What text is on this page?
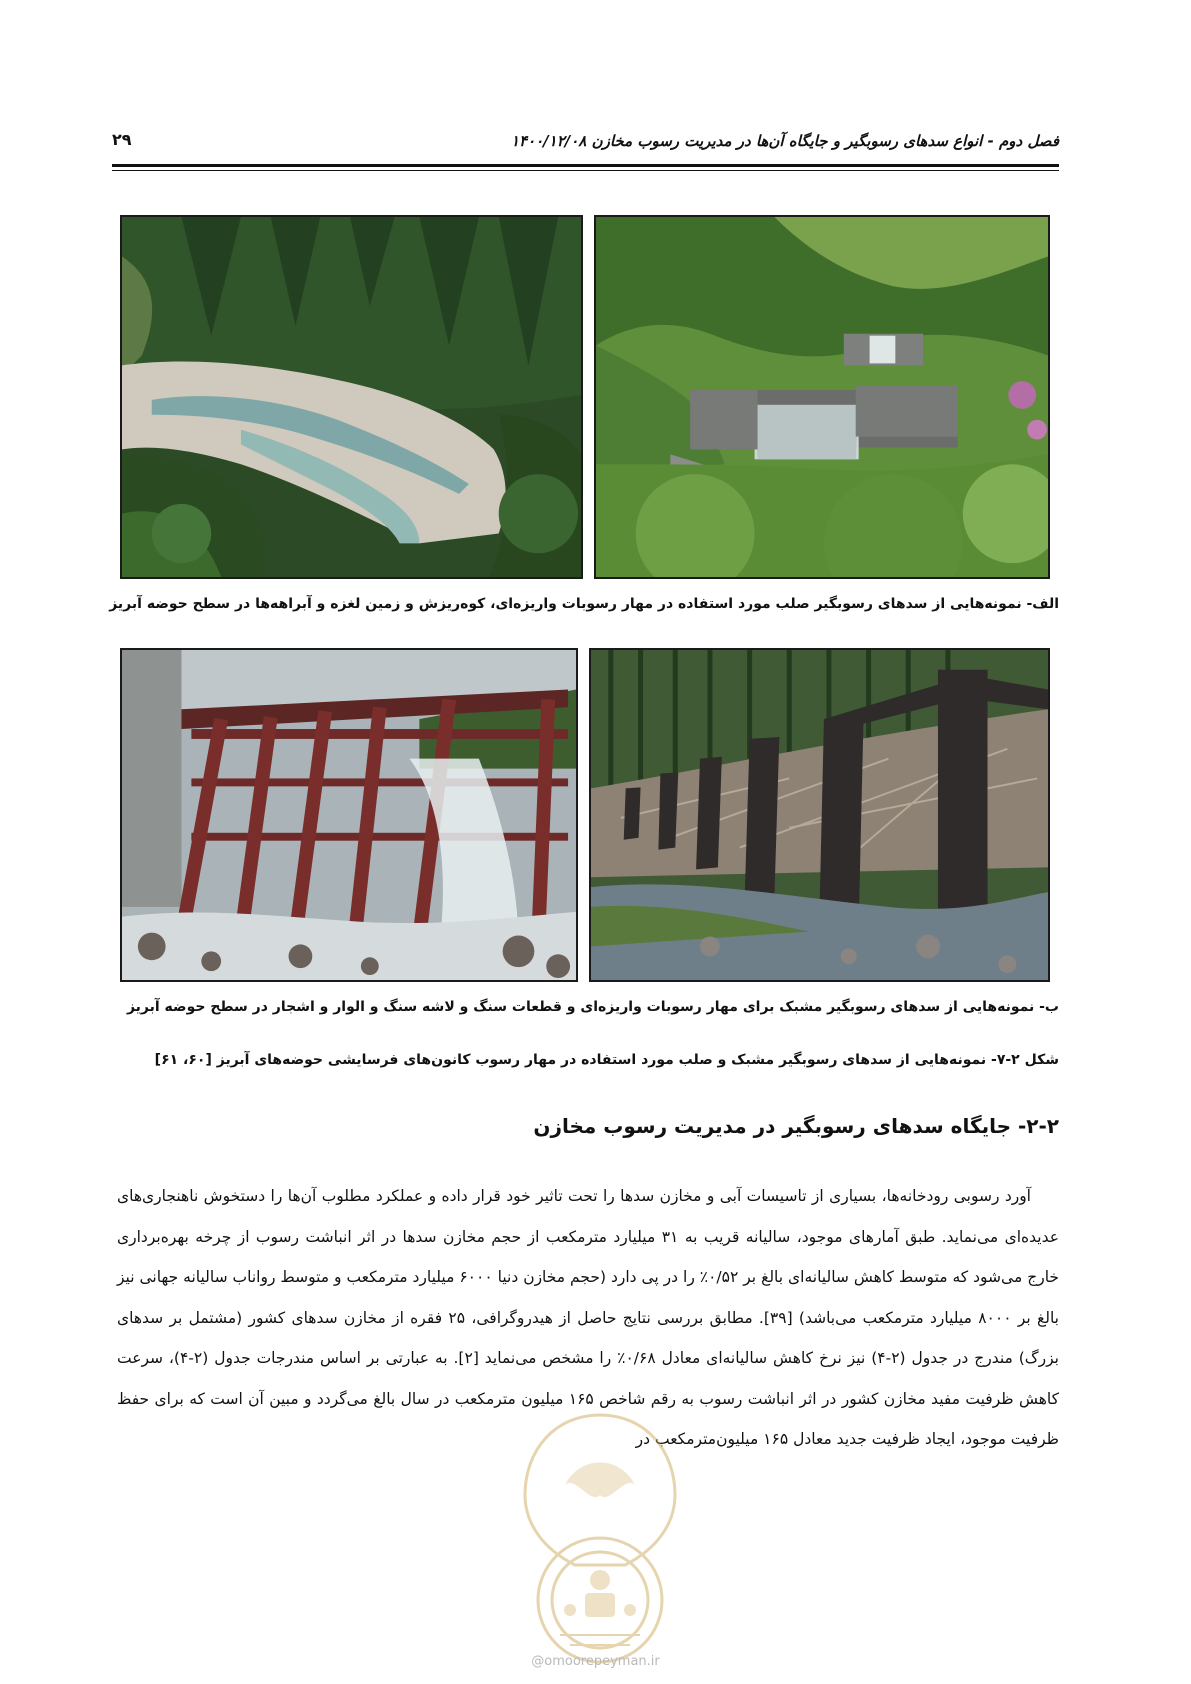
فصل دوم - انواع سدهای رسوبگیر و جایگاه آن‌ها در مدیریت رسوب مخازن ۱۴۰۰/۱۲/۰۸
۲۹
الف- نمونه‌هایی از سدهای رسوبگیر صلب مورد استفاده در مهار رسوبات واریزه‌ای، کوه‌ریزش و زمین لغزه و آبراهه‌ها در سطح حوضه آبریز
ب- نمونه‌هایی از سدهای رسوبگیر مشبک برای مهار رسوبات واریزه‌ای و قطعات سنگ و لاشه سنگ و الوار و اشجار در سطح حوضه آبریز
شکل ۲-۷- نمونه‌هایی از سدهای رسوبگیر مشبک و صلب مورد استفاده در مهار رسوب کانون‌های فرسایشی حوضه‌های آبریز [۶۰، ۶۱]
۲-۲- جایگاه سدهای رسوبگیر در مدیریت رسوب مخازن

آورد رسوبی رودخانه‌ها، بسیاری از تاسیسات آبی و مخازن سدها را تحت تاثیر خود قرار داده و عملکرد مطلوب آن‌ها را دستخوش ناهنجاری‌های عدیده‌ای می‌نماید. طبق آمارهای موجود، سالیانه قریب به ۳۱ میلیارد مترمکعب از حجم مخازن سدها در اثر انباشت رسوب از چرخه بهره‌برداری خارج می‌شود که متوسط کاهش سالیانه‌ای بالغ بر ۰/۵۲٪ را در پی دارد (حجم مخازن دنیا ۶۰۰۰ میلیارد مترمکعب و متوسط رواناب سالیانه جهانی نیز بالغ بر ۸۰۰۰ میلیارد مترمکعب می‌باشد) [۳۹]. مطابق بررسی نتایج حاصل از هیدروگرافی، ۲۵ فقره از مخازن سدهای کشور (مشتمل بر سدهای بزرگ) مندرج در جدول (۲-۴) نیز نرخ کاهش سالیانه‌ای معادل ۰/۶۸٪ را مشخص می‌نماید [۲]. به عبارتی بر اساس مندرجات جدول (۲-۴)، سرعت کاهش ظرفیت مفید مخازن کشور در اثر انباشت رسوب به رقم شاخص ۱۶۵ میلیون مترمکعب در سال بالغ می‌گردد و مبین آن است که برای حفظ ظرفیت موجود، ایجاد ظرفیت جدید معادل ۱۶۵ میلیون‌مترمکعب در

@omoorepeyman.ir
